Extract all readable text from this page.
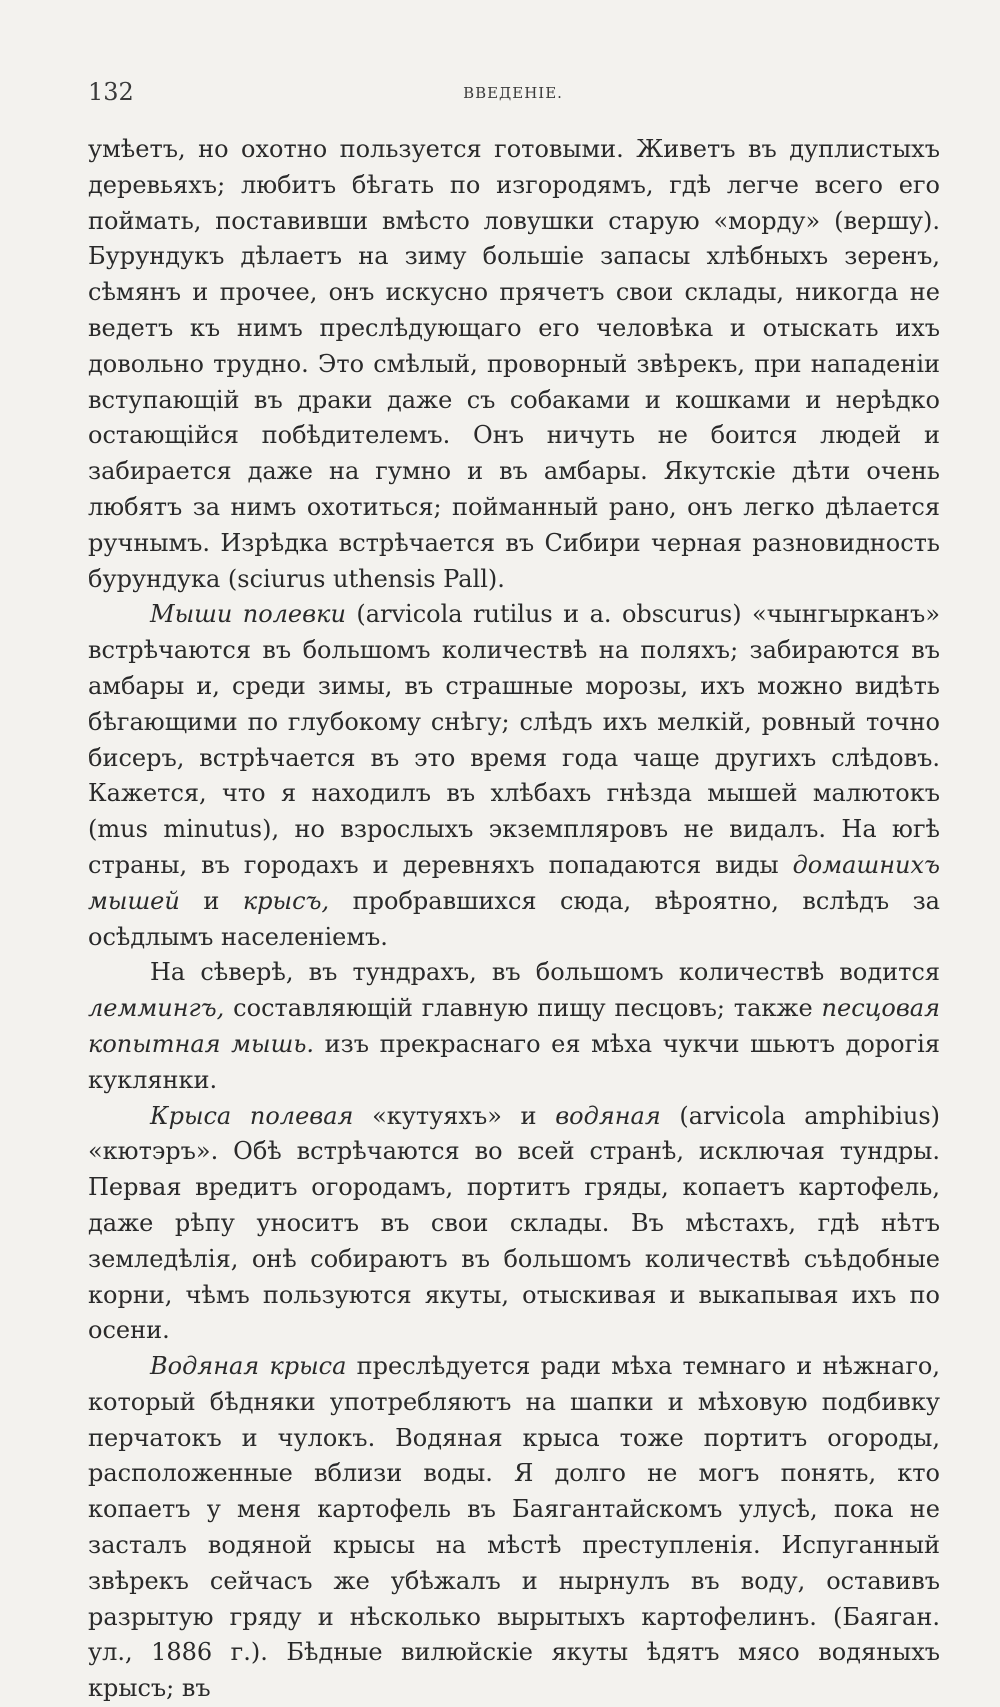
132	ВВЕДЕНІЕ.

умѣетъ, но охотно пользуется готовыми. Живетъ въ дуплистыхъ деревьяхъ; любитъ бѣгать по изгородямъ, гдѣ легче всего его поймать, поставивши вмѣсто ловушки старую «морду» (вершу). Бурундукъ дѣлаетъ на зиму большіе запасы хлѣбныхъ зеренъ, сѣмянъ и прочее, онъ искусно прячетъ свои склады, никогда не ведетъ къ нимъ преслѣдующаго его человѣка и отыскать ихъ довольно трудно. Это смѣлый, проворный звѣрекъ, при нападеніи вступающій въ драки даже съ собаками и кошками и нерѣдко остающійся побѣдителемъ. Онъ ничуть не боится людей и забирается даже на гумно и въ амбары. Якутскіе дѣти очень любятъ за нимъ охотиться; пойманный рано, онъ легко дѣлается ручнымъ. Изрѣдка встрѣчается въ Сибири черная разновидность бурундука (sciurus uthensis Pall).

Мыши полевки (arvicola rutilus и a. obscurus) «чынгырканъ» встрѣчаются въ большомъ количествѣ на поляхъ; забираются въ амбары и, среди зимы, въ страшные морозы, ихъ можно видѣть бѣгающими по глубокому снѣгу; слѣдъ ихъ мелкій, ровный точно бисеръ, встрѣчается въ это время года чаще другихъ слѣдовъ. Кажется, что я находилъ въ хлѣбахъ гнѣзда мышей малютокъ (mus minutus), но взрослыхъ экземпляровъ не видалъ. На югѣ страны, въ городахъ и деревняхъ попадаются виды домашнихъ мышей и крысъ, пробравшихся сюда, вѣроятно, вслѣдъ за осѣдлымъ населеніемъ.

На сѣверѣ, въ тундрахъ, въ большомъ количествѣ водится леммингъ, составляющій главную пищу песцовъ; также песцовая копытная мышь. изъ прекраснаго ея мѣха чукчи шьютъ дорогія куклянки.

Крыса полевая «кутуяхъ» и водяная (arvicola amphibius) «кютэръ». Обѣ встрѣчаются во всей странѣ, исключая тундры. Первая вредитъ огородамъ, портитъ гряды, копаетъ картофель, даже рѣпу уноситъ въ свои склады. Въ мѣстахъ, гдѣ нѣтъ земледѣлія, онѣ собираютъ въ большомъ количествѣ съѣдобные корни, чѣмъ пользуются якуты, отыскивая и выкапывая ихъ по осени.

Водяная крыса преслѣдуется ради мѣха темнаго и нѣжнаго, который бѣдняки употребляютъ на шапки и мѣховую подбивку перчатокъ и чулокъ. Водяная крыса тоже портитъ огороды, расположенные вблизи воды. Я долго не могъ понять, кто копаетъ у меня картофель въ Баягантайскомъ улусѣ, пока не засталъ водяной крысы на мѣстѣ преступленія. Испуганный звѣрекъ сейчасъ же убѣжалъ и нырнулъ въ воду, оставивъ разрытую гряду и нѣсколько вырытыхъ картофелинъ. (Баяган. ул., 1886 г.). Бѣдные вилюйскіе якуты ѣдятъ мясо водяныхъ крысъ; въ
